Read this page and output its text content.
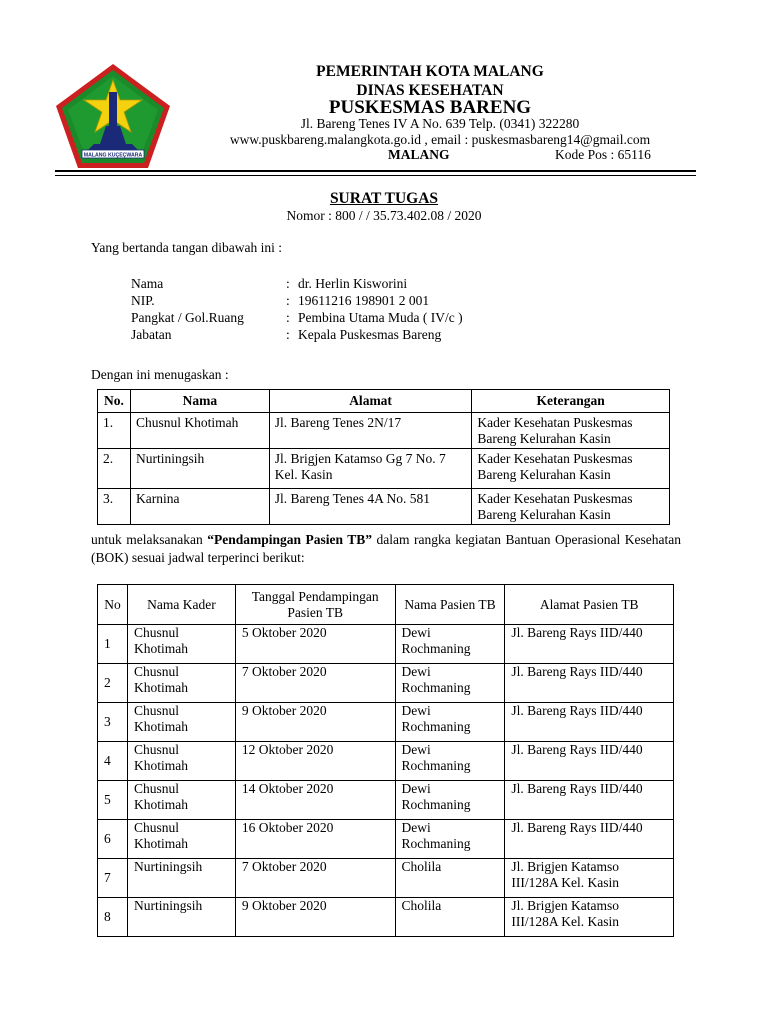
MALANG KUÇEÇWARA
PEMERINTAH KOTA MALANG
DINAS KESEHATAN
PUSKESMAS BARENG
Jl. Bareng Tenes IV A No. 639 Telp. (0341) 322280
www.puskbareng.malangkota.go.id , email : puskesmasbareng14@gmail.com
MALANG	Kode Pos : 65116
SURAT TUGAS
Nomor : 800 / / 35.73.402.08 / 2020
Yang bertanda tangan dibawah ini :
Nama	: dr. Herlin Kisworini
NIP.	: 19611216 198901 2 001
Pangkat / Gol.Ruang	: Pembina Utama Muda ( IV/c )
Jabatan	: Kepala Puskesmas Bareng
Dengan ini menugaskan :
No.	Nama	Alamat	Keterangan
1.	Chusnul Khotimah	Jl. Bareng Tenes 2N/17	Kader Kesehatan Puskesmas Bareng Kelurahan Kasin
2.	Nurtiningsih	Jl. Brigjen Katamso Gg 7 No. 7 Kel. Kasin	Kader Kesehatan Puskesmas Bareng Kelurahan Kasin
3.	Karnina	Jl. Bareng Tenes 4A No. 581	Kader Kesehatan Puskesmas Bareng Kelurahan Kasin
untuk melaksanakan “Pendampingan Pasien TB” dalam rangka kegiatan Bantuan Operasional Kesehatan (BOK) sesuai jadwal terperinci berikut:
No	Nama Kader	Tanggal Pendampingan Pasien TB	Nama Pasien TB	Alamat Pasien TB
1	Chusnul Khotimah	5 Oktober 2020	Dewi Rochmaning	Jl. Bareng Rays IID/440
2	Chusnul Khotimah	7 Oktober 2020	Dewi Rochmaning	Jl. Bareng Rays IID/440
3	Chusnul Khotimah	9 Oktober 2020	Dewi Rochmaning	Jl. Bareng Rays IID/440
4	Chusnul Khotimah	12 Oktober 2020	Dewi Rochmaning	Jl. Bareng Rays IID/440
5	Chusnul Khotimah	14 Oktober 2020	Dewi Rochmaning	Jl. Bareng Rays IID/440
6	Chusnul Khotimah	16 Oktober 2020	Dewi Rochmaning	Jl. Bareng Rays IID/440
7	Nurtiningsih	7 Oktober 2020	Cholila	Jl. Brigjen Katamso III/128A Kel. Kasin
8	Nurtiningsih	9 Oktober 2020	Cholila	Jl. Brigjen Katamso III/128A Kel. Kasin
